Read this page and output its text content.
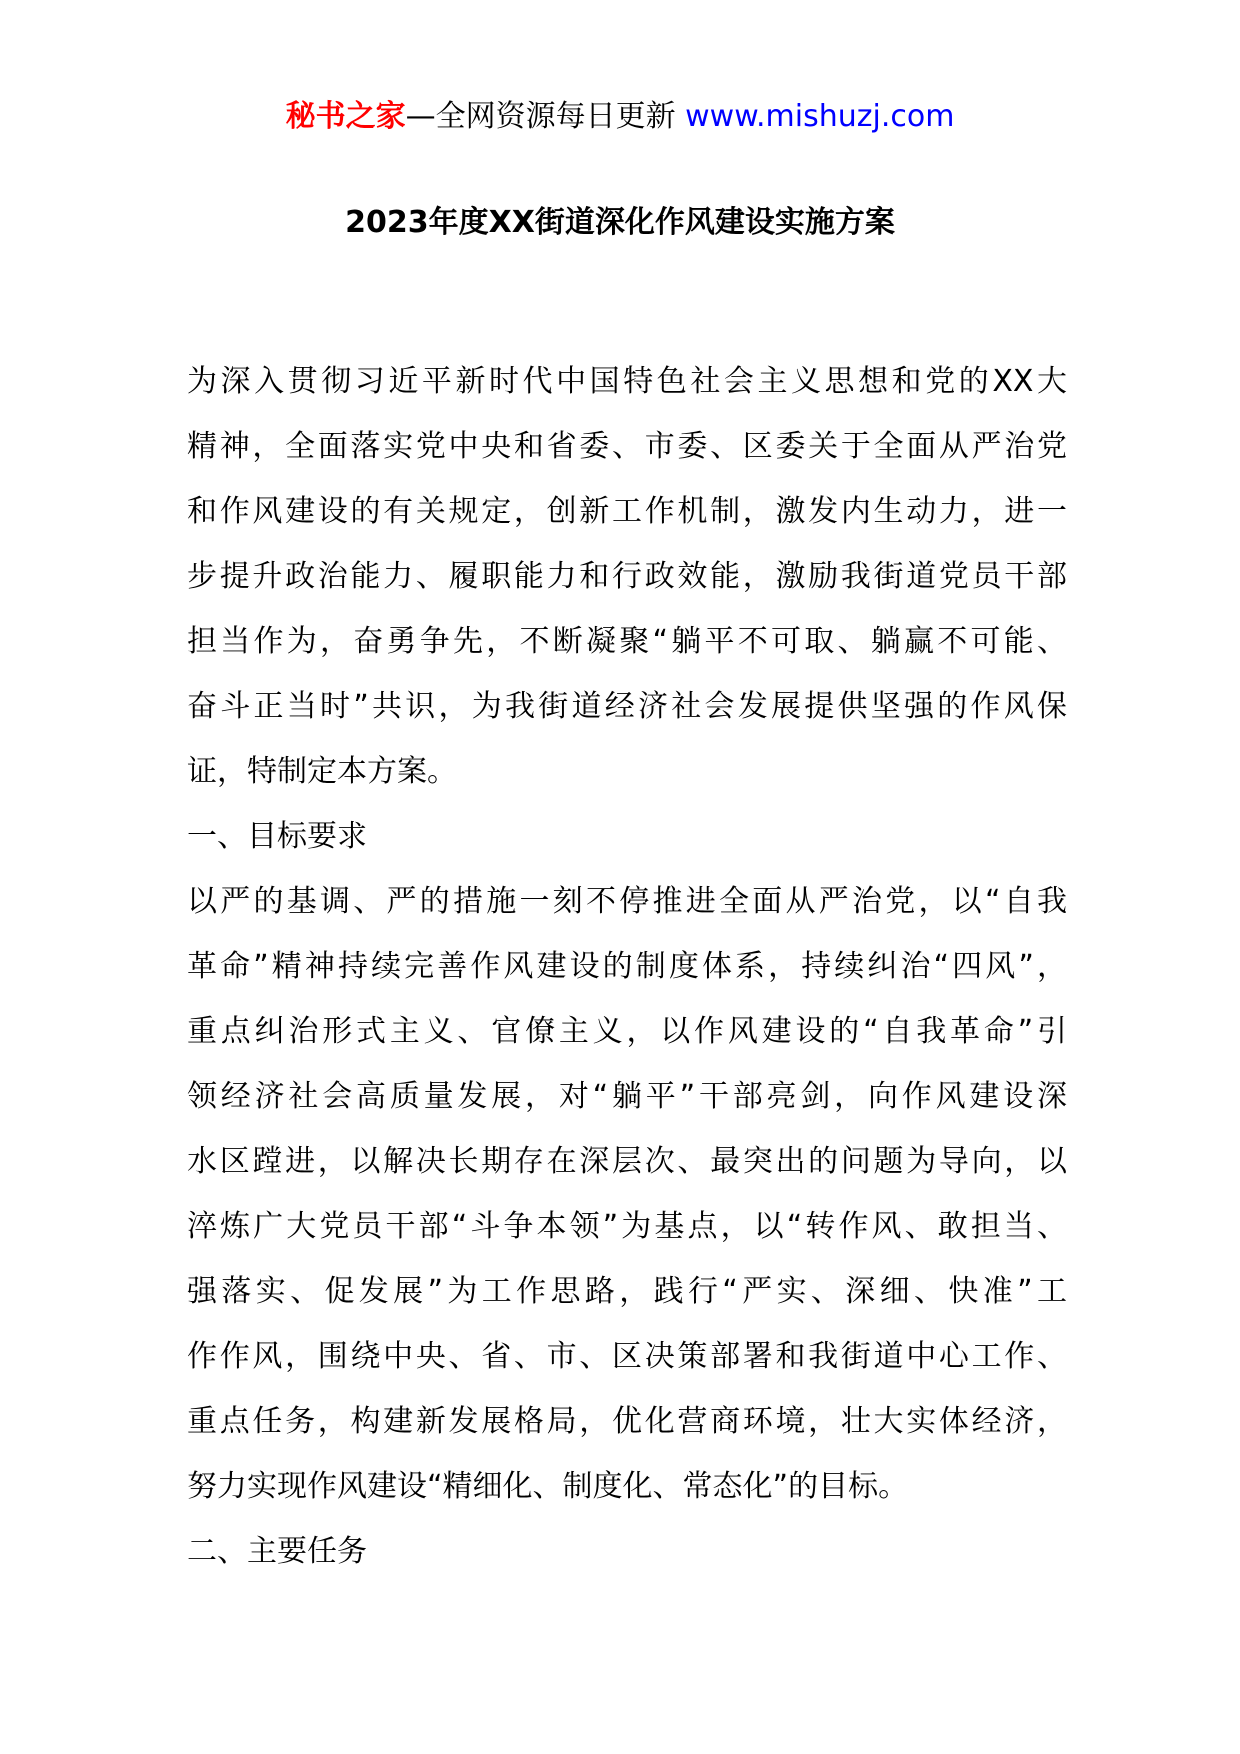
秘书之家—全网资源每日更新 www.mishuzj.com
2023年度XX街道深化作风建设实施方案
为深入贯彻习近平新时代中国特色社会主义思想和党的XX大
精神，全面落实党中央和省委、市委、区委关于全面从严治党
和作风建设的有关规定，创新工作机制，激发内生动力，进一
步提升政治能力、履职能力和行政效能，激励我街道党员干部
担当作为，奋勇争先，不断凝聚“躺平不可取、躺赢不可能、
奋斗正当时”共识，为我街道经济社会发展提供坚强的作风保
证，特制定本方案。
一、目标要求
以严的基调、严的措施一刻不停推进全面从严治党，以“自我
革命”精神持续完善作风建设的制度体系，持续纠治“四风”，
重点纠治形式主义、官僚主义，以作风建设的“自我革命”引
领经济社会高质量发展，对“躺平”干部亮剑，向作风建设深
水区蹚进，以解决长期存在深层次、最突出的问题为导向，以
淬炼广大党员干部“斗争本领”为基点，以“转作风、敢担当、
强落实、促发展”为工作思路，践行“严实、深细、快准”工
作作风，围绕中央、省、市、区决策部署和我街道中心工作、
重点任务，构建新发展格局，优化营商环境，壮大实体经济，
努力实现作风建设“精细化、制度化、常态化”的目标。
二、主要任务
